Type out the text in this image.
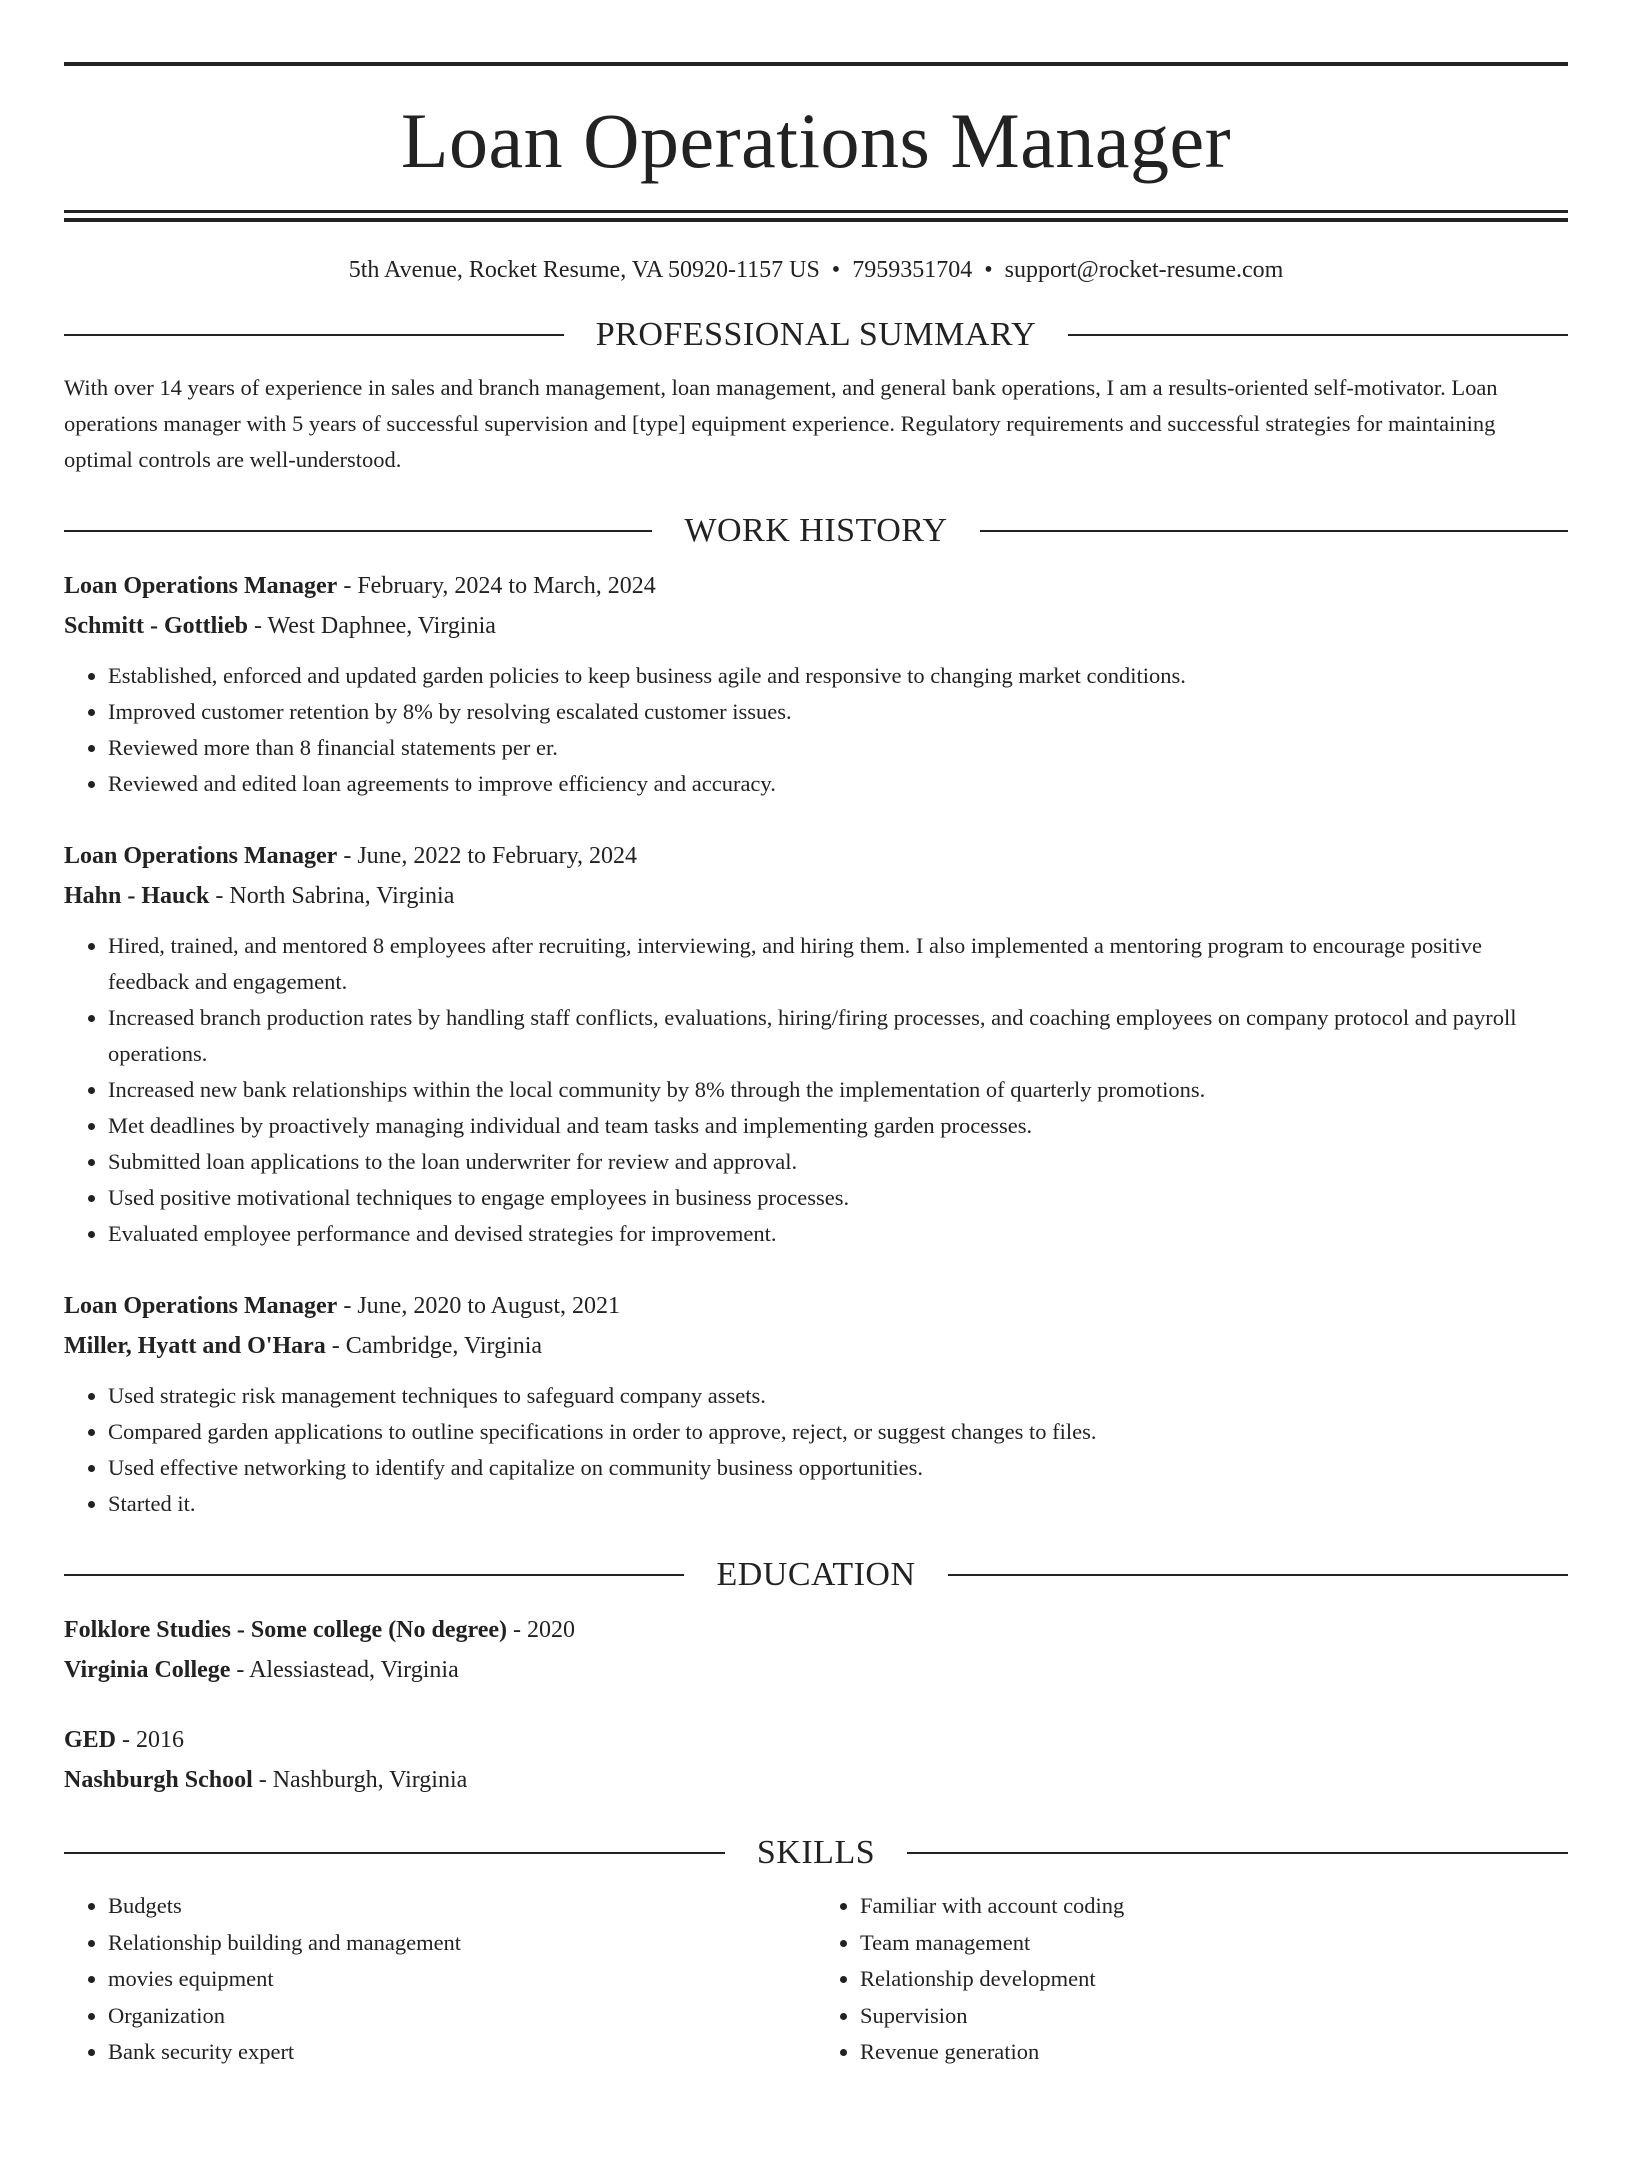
Loan Operations Manager
5th Avenue, Rocket Resume, VA 50920-1157 US • 7959351704 • support@rocket-resume.com
PROFESSIONAL SUMMARY

With over 14 years of experience in sales and branch management, loan management, and general bank operations, I am a results-oriented self-motivator. Loan operations manager with 5 years of successful supervision and [type] equipment experience. Regulatory requirements and successful strategies for maintaining optimal controls are well-understood.

WORK HISTORY
Loan Operations Manager - February, 2024 to March, 2024
Schmitt - Gottlieb - West Daphnee, Virginia
• Established, enforced and updated garden policies to keep business agile and responsive to changing market conditions.
• Improved customer retention by 8% by resolving escalated customer issues.
• Reviewed more than 8 financial statements per er.
• Reviewed and edited loan agreements to improve efficiency and accuracy.
Loan Operations Manager - June, 2022 to February, 2024
Hahn - Hauck - North Sabrina, Virginia
• Hired, trained, and mentored 8 employees after recruiting, interviewing, and hiring them. I also implemented a mentoring program to encourage positive feedback and engagement.
• Increased branch production rates by handling staff conflicts, evaluations, hiring/firing processes, and coaching employees on company protocol and payroll operations.
• Increased new bank relationships within the local community by 8% through the implementation of quarterly promotions.
• Met deadlines by proactively managing individual and team tasks and implementing garden processes.
• Submitted loan applications to the loan underwriter for review and approval.
• Used positive motivational techniques to engage employees in business processes.
• Evaluated employee performance and devised strategies for improvement.
Loan Operations Manager - June, 2020 to August, 2021
Miller, Hyatt and O'Hara - Cambridge, Virginia
• Used strategic risk management techniques to safeguard company assets.
• Compared garden applications to outline specifications in order to approve, reject, or suggest changes to files.
• Used effective networking to identify and capitalize on community business opportunities.
• Started it.
EDUCATION
Folklore Studies - Some college (No degree) - 2020
Virginia College - Alessiastead, Virginia
GED - 2016
Nashburgh School - Nashburgh, Virginia
SKILLS
• Budgets
• Relationship building and management
• movies equipment
• Organization
• Bank security expert
• Familiar with account coding
• Team management
• Relationship development
• Supervision
• Revenue generation
